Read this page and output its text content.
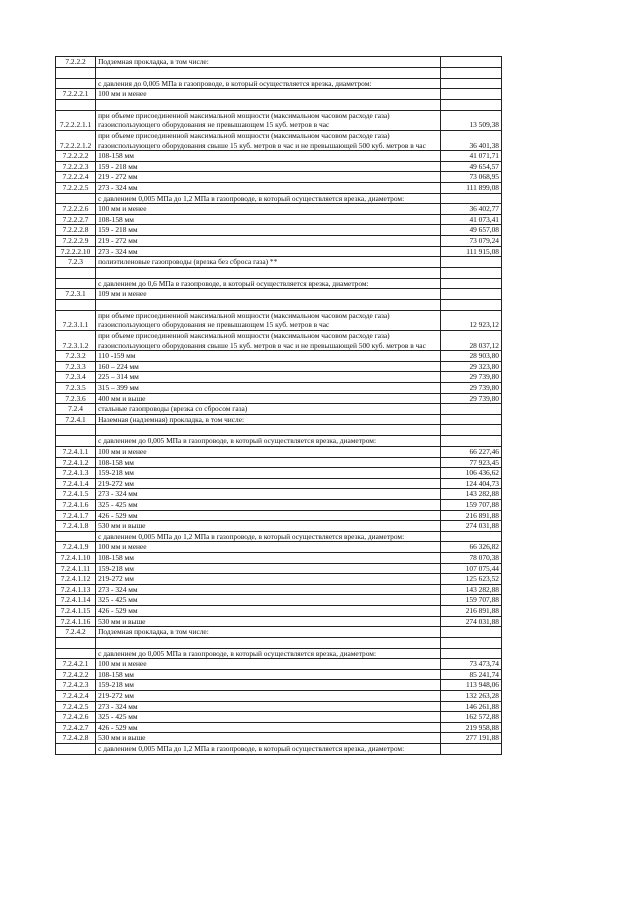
7.2.2.2	Подземная прокладка, в том числе:	

	с давления до 0,005 МПа в газопроводе, в который осуществляется врезка, диаметром:	
7.2.2.2.1	100 мм и менее	

7.2.2.2.1.1	при объеме присоединенной максимальной мощности (максимальном часовом расходе газа) газоиспользующего оборудования не превышающем 15 куб. метров в час	13 509,38
7.2.2.2.1.2	при объеме присоединенной максимальной мощности (максимальном часовом расходе газа) газоиспользующего оборудования свыше 15 куб. метров в час и не превышающей 500 куб. метров в час	36 401,38
7.2.2.2.2	108-158 мм	41 071,71
7.2.2.2.3	159 - 218 мм	49 654,57
7.2.2.2.4	219 - 272 мм	73 068,95
7.2.2.2.5	273 - 324 мм	111 899,08
	с давлением 0,005 МПа до 1,2 МПа в газопроводе, в который осуществляется врезка, диаметром:	
7.2.2.2.6	100 мм и менее	36 402,77
7.2.2.2.7	108-158 мм	41 073,41
7.2.2.2.8	159 - 218 мм	49 657,08
7.2.2.2.9	219 - 272 мм	73 079,24
7.2.2.2.10	273 - 324 мм	111 915,08
7.2.3	полиэтиленовые газопроводы (врезка без сброса газа) **	

	с давлением до 0,6 МПа в газопроводе, в который осуществляется врезка, диаметром:	
7.2.3.1	109 мм и менее	

7.2.3.1.1	при объеме присоединенной максимальной мощности (максимальном часовом расходе газа) газоиспользующего оборудования не превышающем 15 куб. метров в час	12 923,12
7.2.3.1.2	при объеме присоединенной максимальной мощности (максимальном часовом расходе газа) газоиспользующего оборудования свыше 15 куб. метров в час и не превышающей 500 куб. метров в час	28 037,12
7.2.3.2	110 -159 мм	28 903,80
7.2.3.3	160 – 224 мм	29 323,80
7.2.3.4	225 – 314 мм	29 739,80
7.2.3.5	315 – 399 мм	29 739,80
7.2.3.6	400 мм и выше	29 739,80
7.2.4	стальные газопроводы (врезка со сбросом газа)	
7.2.4.1	Наземная (надземная) прокладка, в том числе:	

	с давлением до 0,005 МПа в газопроводе, в который осуществляется врезка, диаметром:	
7.2.4.1.1	100 мм и менее	66 227,46
7.2.4.1.2	108-158 мм	77 923,45
7.2.4.1.3	159-218 мм	106 436,62
7.2.4.1.4	219-272 мм	124 404,73
7.2.4.1.5	273 - 324 мм	143 282,88
7.2.4.1.6	325 - 425 мм	159 707,88
7.2.4.1.7	426 - 529 мм	216 891,88
7.2.4.1.8	530 мм и выше	274 031,88
	с давлением 0,005 МПа до 1,2 МПа в газопроводе, в который осуществляется врезка, диаметром:	
7.2.4.1.9	100 мм и менее	66 326,82
7.2.4.1.10	108-158 мм	78 070,38
7.2.4.1.11	159-218 мм	107 075,44
7.2.4.1.12	219-272 мм	125 623,52
7.2.4.1.13	273 - 324 мм	143 282,88
7.2.4.1.14	325 - 425 мм	159 707,88
7.2.4.1.15	426 - 529 мм	216 891,88
7.2.4.1.16	530 мм и выше	274 031,88
7.2.4.2	Подземная прокладка, в том числе:	

	с давлением до 0,005 МПа в газопроводе, в который осуществляется врезка, диаметром:	
7.2.4.2.1	100 мм и менее	73 473,74
7.2.4.2.2	108-158 мм	85 241,74
7.2.4.2.3	159-218 мм	113 948,06
7.2.4.2.4	219-272 мм	132 263,28
7.2.4.2.5	273 - 324 мм	146 261,88
7.2.4.2.6	325 - 425 мм	162 572,88
7.2.4.2.7	426 - 529 мм	219 958,88
7.2.4.2.8	530 мм и выше	277 191,88
	с давлением 0,005 МПа до 1,2 МПа в газопроводе, в который осуществляется врезка, диаметром:	
